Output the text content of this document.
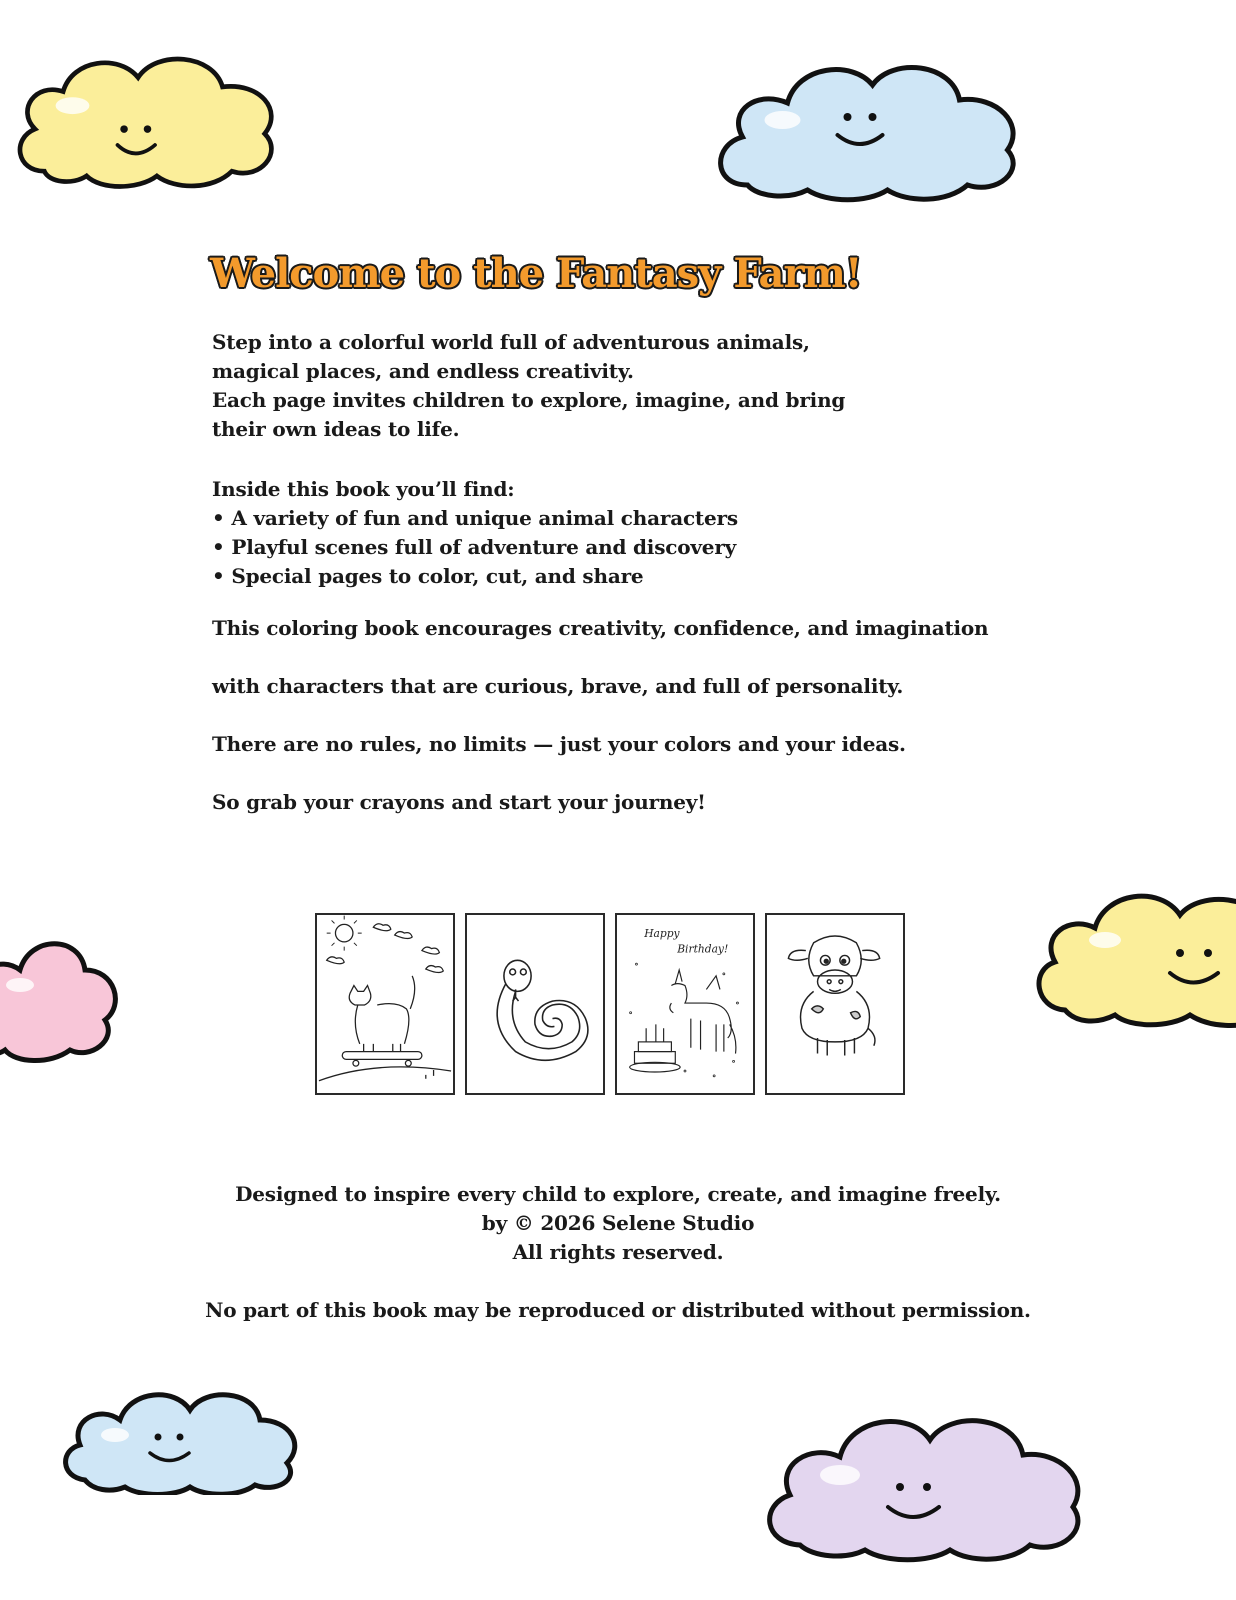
Welcome to the Fantasy Farm!

Step into a colorful world full of adventurous animals,

magical places, and endless creativity.

Each page invites children to explore, imagine, and bring

their own ideas to life.

Inside this book you’ll find:

• A variety of fun and unique animal characters
• Playful scenes full of adventure and discovery
• Special pages to color, cut, and share

This coloring book encourages creativity, confidence, and imagination

with characters that are curious, brave, and full of personality.

There are no rules, no limits — just your colors and your ideas.

So grab your crayons and start your journey!

Happy
Birthday!

Designed to inspire every child to explore, create, and imagine freely.

by © 2026 Selene Studio

All rights reserved.

No part of this book may be reproduced or distributed without permission.
